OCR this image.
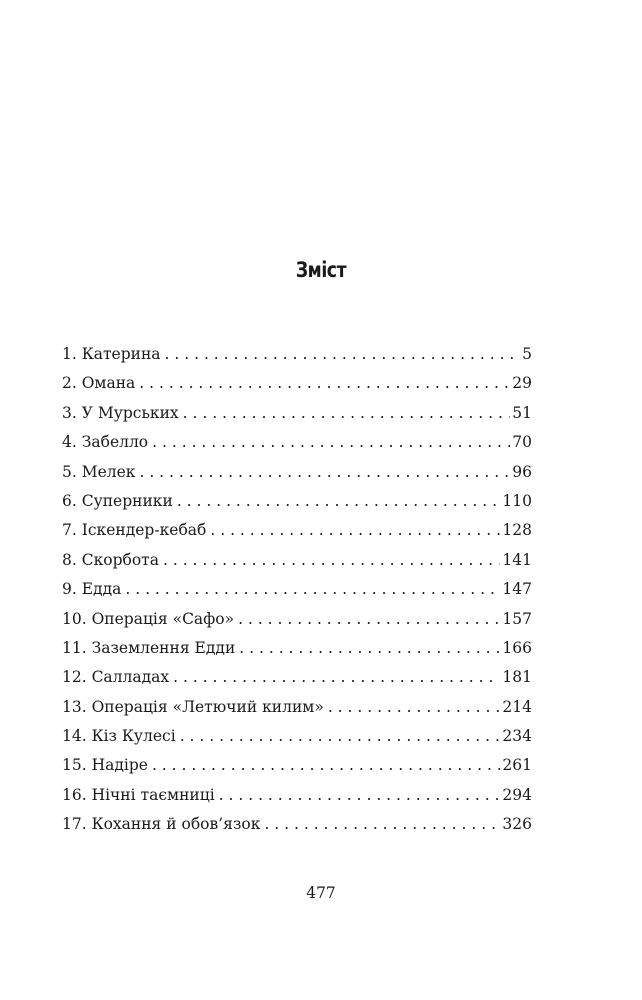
Зміст
1. Катерина . . .	5
2. Омана . . .	29
3. У Мурських . . .	51
4. Забелло . . .	70
5. Мелек . . .	96
6. Суперники . . .	110
7. Іскендер-кебаб . . .	128
8. Скорбота . . .	141
9. Едда . . .	147
10. Операція «Сафо» . . .	157
11. Заземлення Едди . . .	166
12. Салладах . . .	181
13. Операція «Летючий килим» . . .	214
14. Кіз Кулесі . . .	234
15. Надіре . . .	261
16. Нічні таємниці . . .	294
17. Кохання й обов’язок . . .	326
477
